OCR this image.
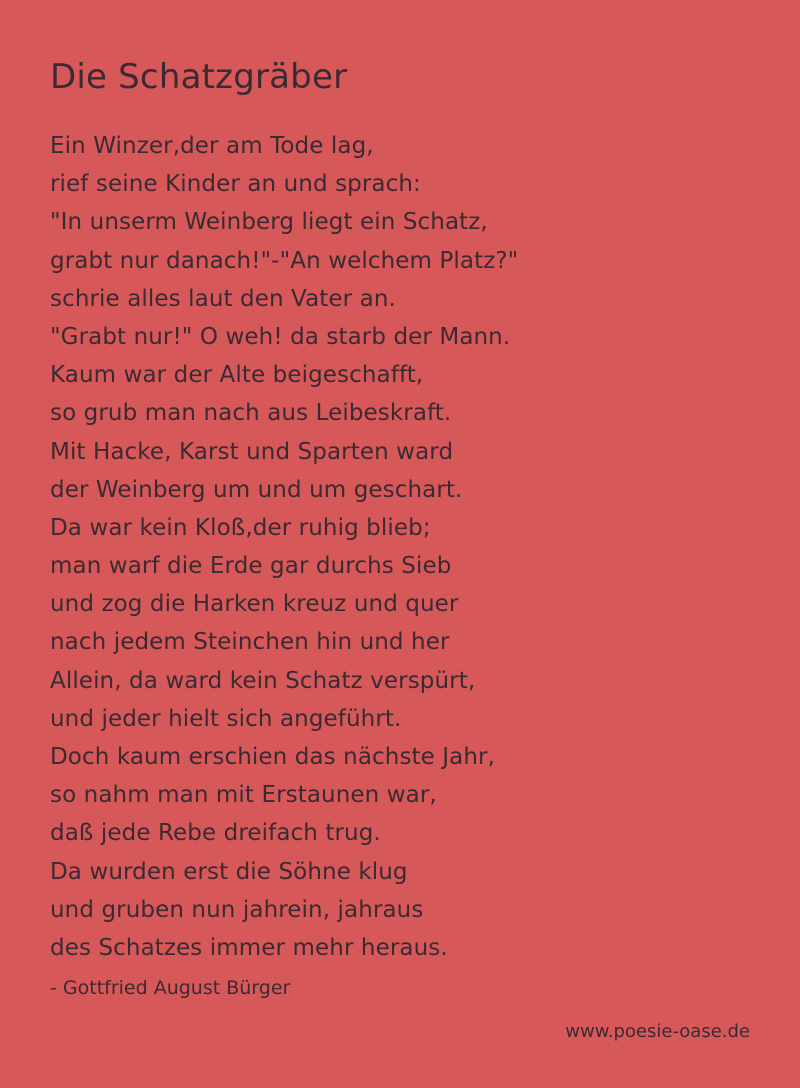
Die Schatzgräber
Ein Winzer,der am Tode lag,
rief seine Kinder an und sprach:
"In unserm Weinberg liegt ein Schatz,
grabt nur danach!"-"An welchem Platz?"
schrie alles laut den Vater an.
"Grabt nur!" O weh! da starb der Mann.
Kaum war der Alte beigeschafft,
so grub man nach aus Leibeskraft.
Mit Hacke, Karst und Sparten ward
der Weinberg um und um geschart.
Da war kein Kloß,der ruhig blieb;
man warf die Erde gar durchs Sieb
und zog die Harken kreuz und quer
nach jedem Steinchen hin und her
Allein, da ward kein Schatz verspürt,
und jeder hielt sich angeführt.
Doch kaum erschien das nächste Jahr,
so nahm man mit Erstaunen war,
daß jede Rebe dreifach trug.
Da wurden erst die Söhne klug
und gruben nun jahrein, jahraus
des Schatzes immer mehr heraus.
- Gottfried August Bürger
www.poesie-oase.de
